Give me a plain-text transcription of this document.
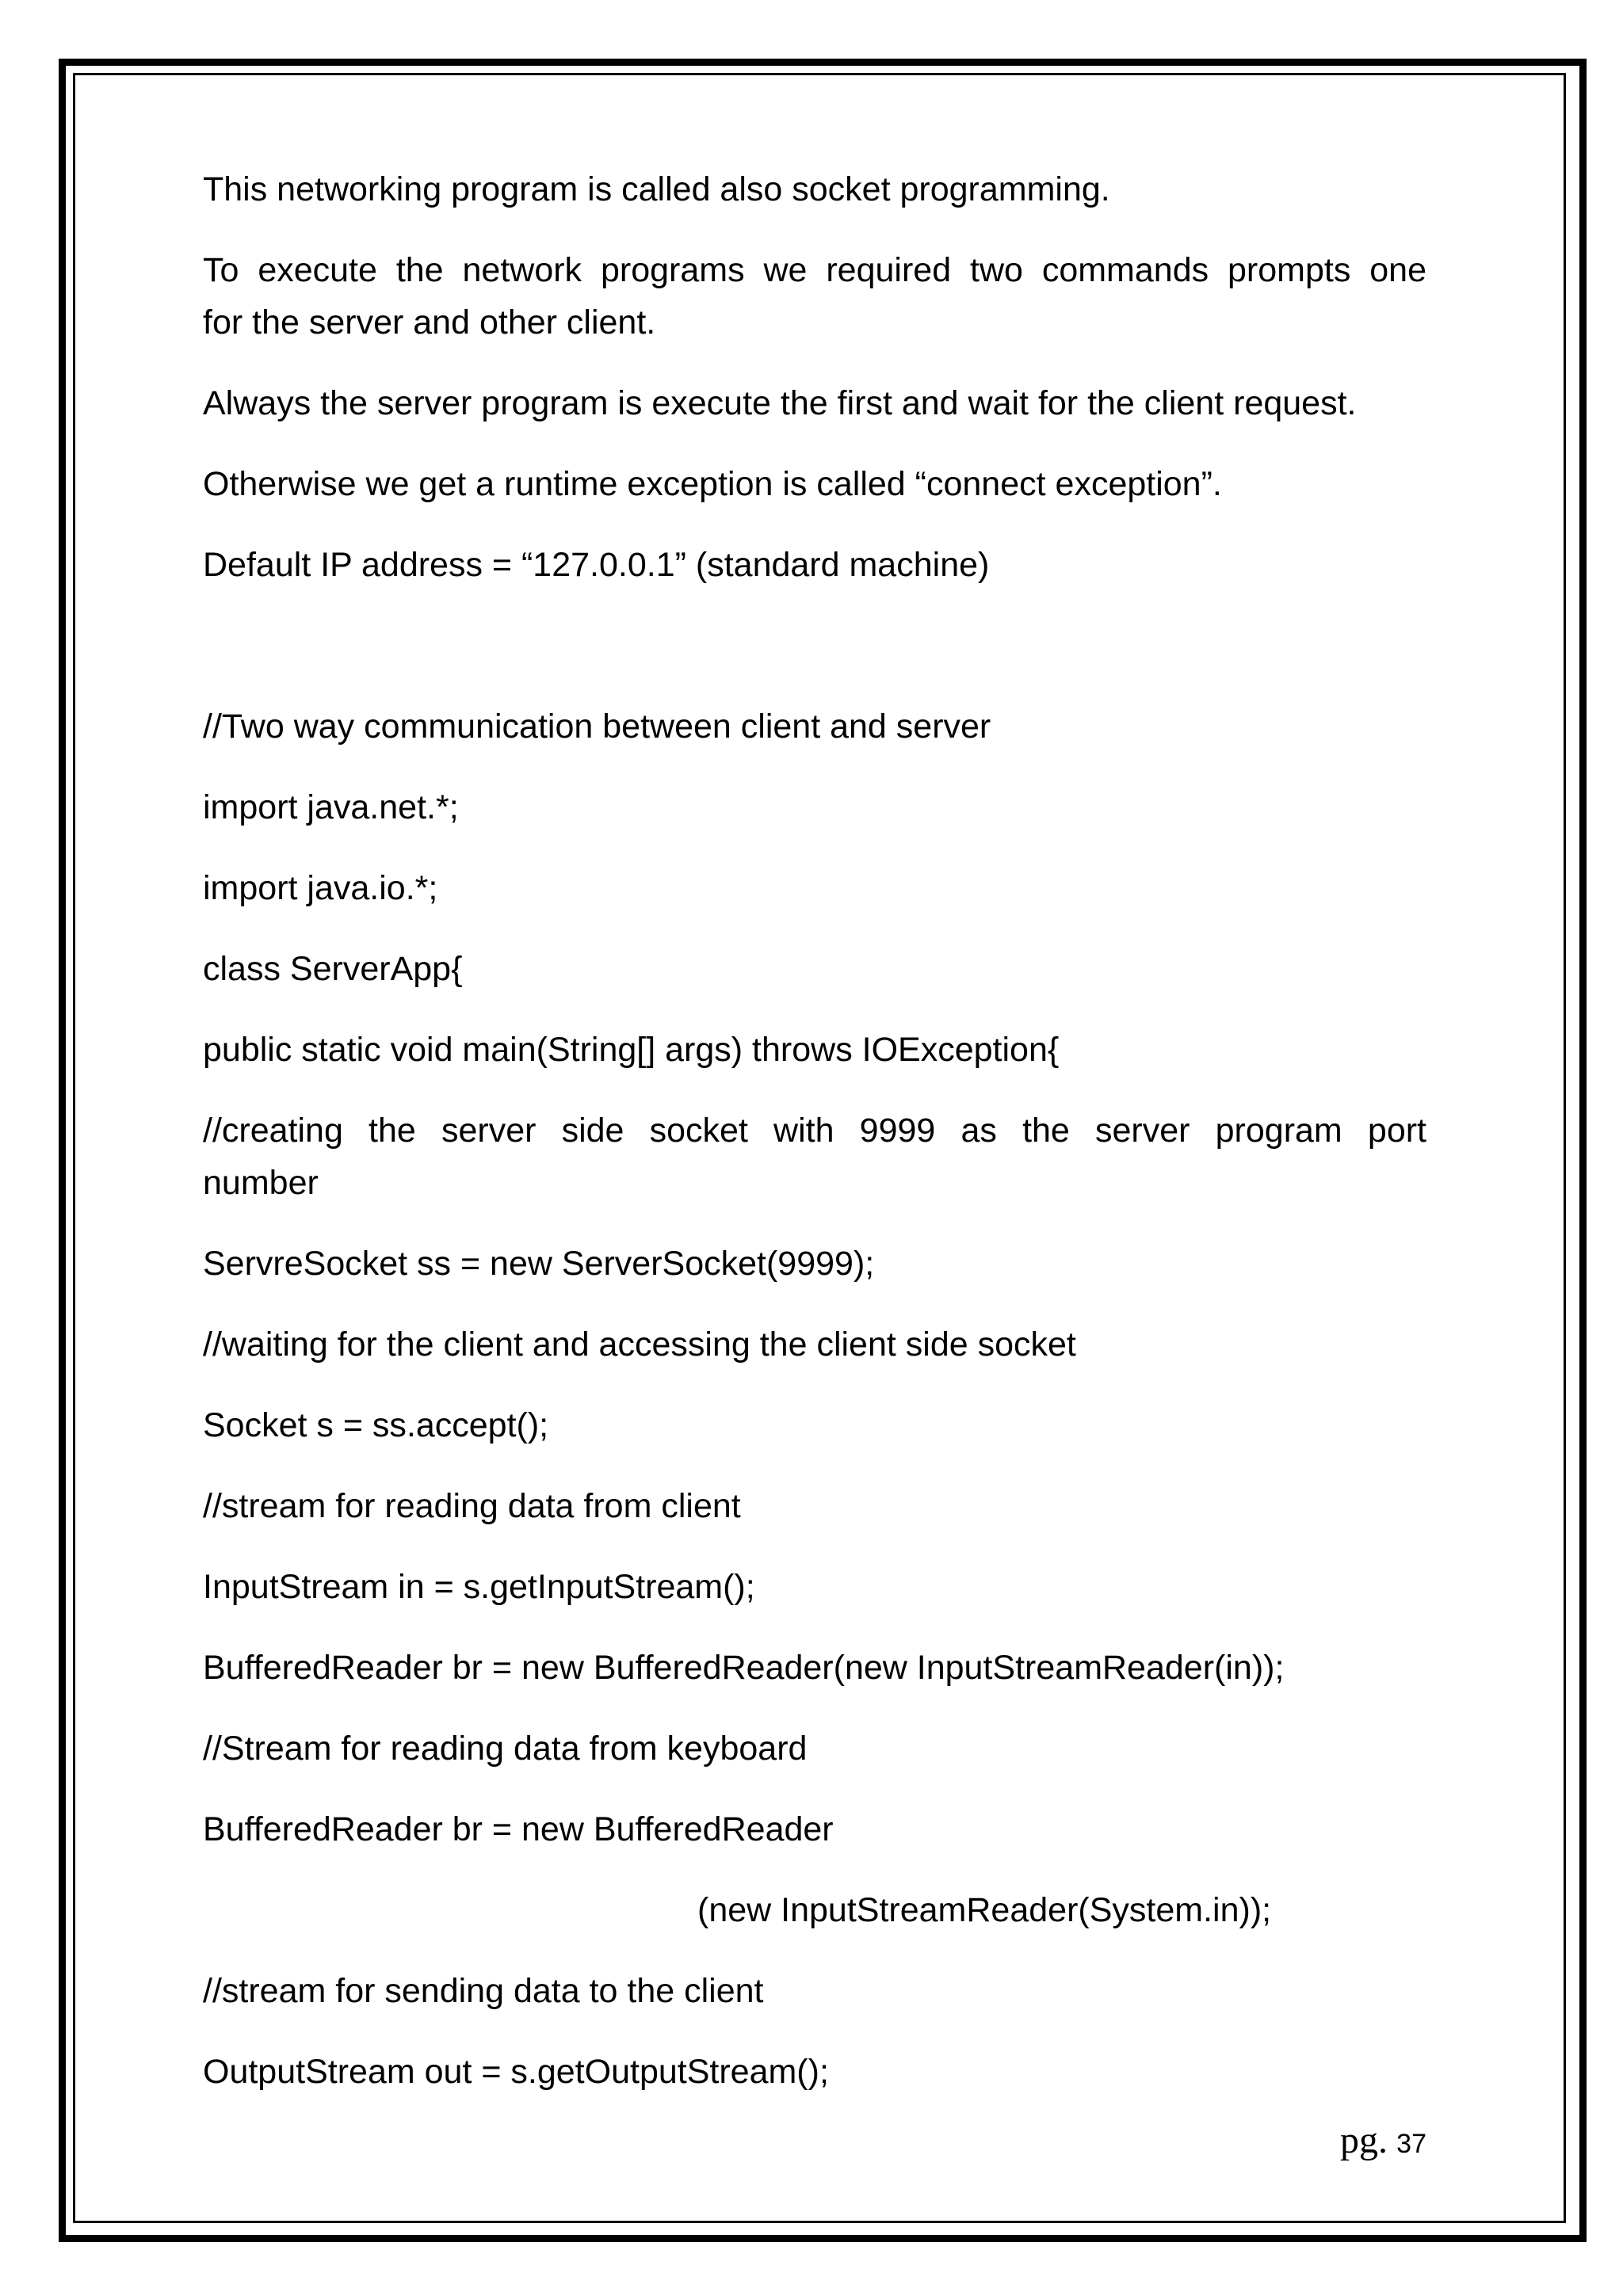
This networking program is called also socket programming.
To execute the network programs we required two commands prompts one
for the server and other client.
Always the server program is execute the first and wait for the client request.
Otherwise we get a runtime exception is called “connect exception”.
Default IP address = “127.0.0.1” (standard machine)
//Two way communication between client and server
import java.net.*;
import java.io.*;
class ServerApp{
public static void main(String[] args) throws IOException{
//creating the server side socket with 9999 as the server program port
number
ServreSocket ss = new ServerSocket(9999);
//waiting for the client and accessing the client side socket
Socket s = ss.accept();
//stream for reading data from client
InputStream in = s.getInputStream();
BufferedReader br = new BufferedReader(new InputStreamReader(in));
//Stream for reading data from keyboard
BufferedReader br = new BufferedReader
(new InputStreamReader(System.in));
//stream for sending data to the client
OutputStream out = s.getOutputStream();
pg. 37
